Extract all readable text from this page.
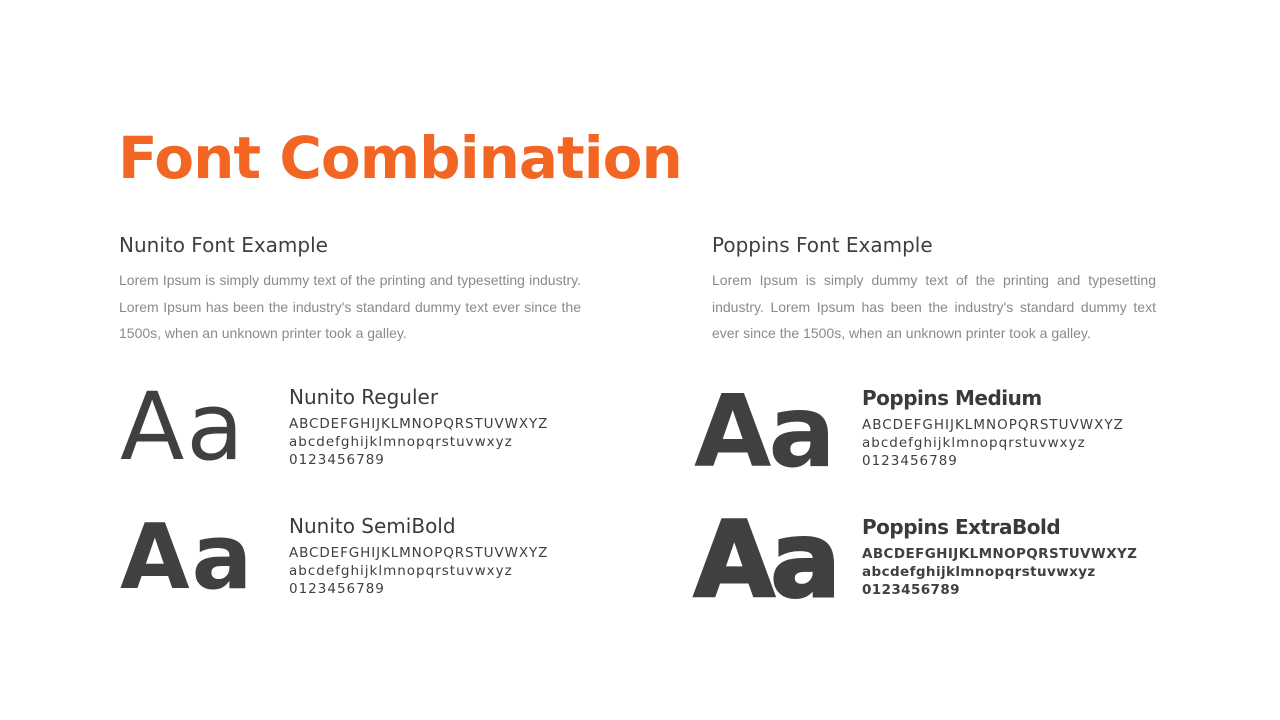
Font Combination
Nunito Font Example

Lorem Ipsum is simply dummy text of the printing and typesetting industry. Lorem Ipsum has been the industry's standard dummy text ever since the 1500s, when an unknown printer took a galley.

Poppins Font Example

Lorem Ipsum is simply dummy text of the printing and typesetting industry. Lorem Ipsum has been the industry's standard dummy text ever since the 1500s, when an unknown printer took a galley.

Aa Nunito Reguler

ABCDEFGHIJKLMNOPQRSTUVWXYZ

abcdefghijklmnopqrstuvwxyz

0123456789

Aa Nunito SemiBold

ABCDEFGHIJKLMNOPQRSTUVWXYZ

abcdefghijklmnopqrstuvwxyz

0123456789

Aa Poppins Medium

ABCDEFGHIJKLMNOPQRSTUVWXYZ

abcdefghijklmnopqrstuvwxyz

0123456789

Aa Poppins ExtraBold

ABCDEFGHIJKLMNOPQRSTUVWXYZ

abcdefghijklmnopqrstuvwxyz

0123456789
